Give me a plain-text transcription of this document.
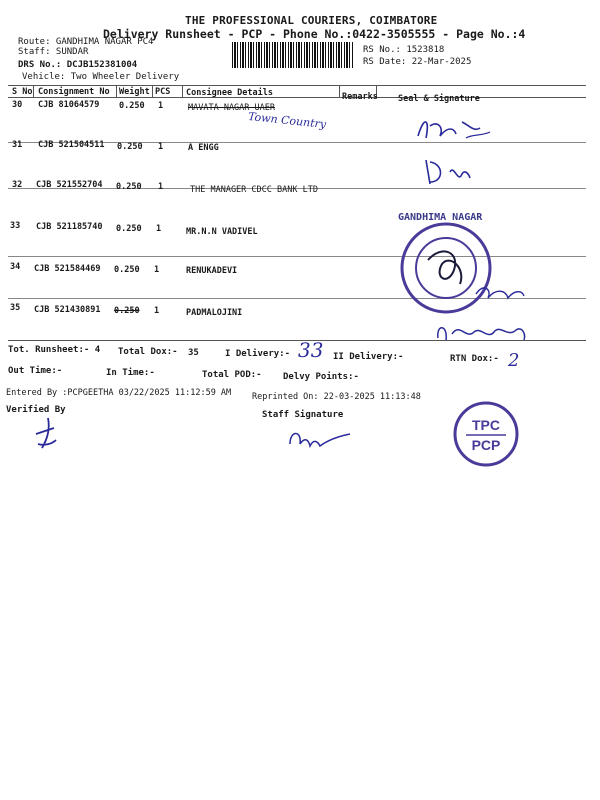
THE PROFESSIONAL COURIERS, COIMBATORE
Delivery Runsheet - PCP - Phone No.:0422-3505555 - Page No.:4
Route: GANDHIMA NAGAR PC4
Staff: SUNDAR
DRS No.: DCJB152381004
Vehicle: Two Wheeler Delivery
RS No.: 1523818
RS Date: 22-Mar-2025
S No Consignment No Weight PCS Consignee Details	Remarks Seal & Signature
30 CJB 81064579 0.250 1	MAVATA NAGAR UAER
31 CJB 521504511 0.250 1	A ENGG
32 CJB 521552704 0.250 1	THE MANAGER CDCC BANK LTD
33 CJB 521185740 0.250 1	MR.N.N VADIVEL
34 CJB 521584469 0.250 1	RENUKADEVI
35 CJB 521430891 0.250 1	PADMALOJINI
Tot. Runsheet:- 4 Total Dox:- 35	I Delivery:- 33 II Delivery:-	RTN Dox:- 2
Out Time:-	In Time:-	Total POD:- Delvy Points:-
Entered By :PCPGEETHA 03/22/2025 11:12:59 AM Reprinted On: 22-03-2025 11:13:48
Verified By	Staff Signature
Town Country
GANDHIMA NAGAR
TPC
PCP
